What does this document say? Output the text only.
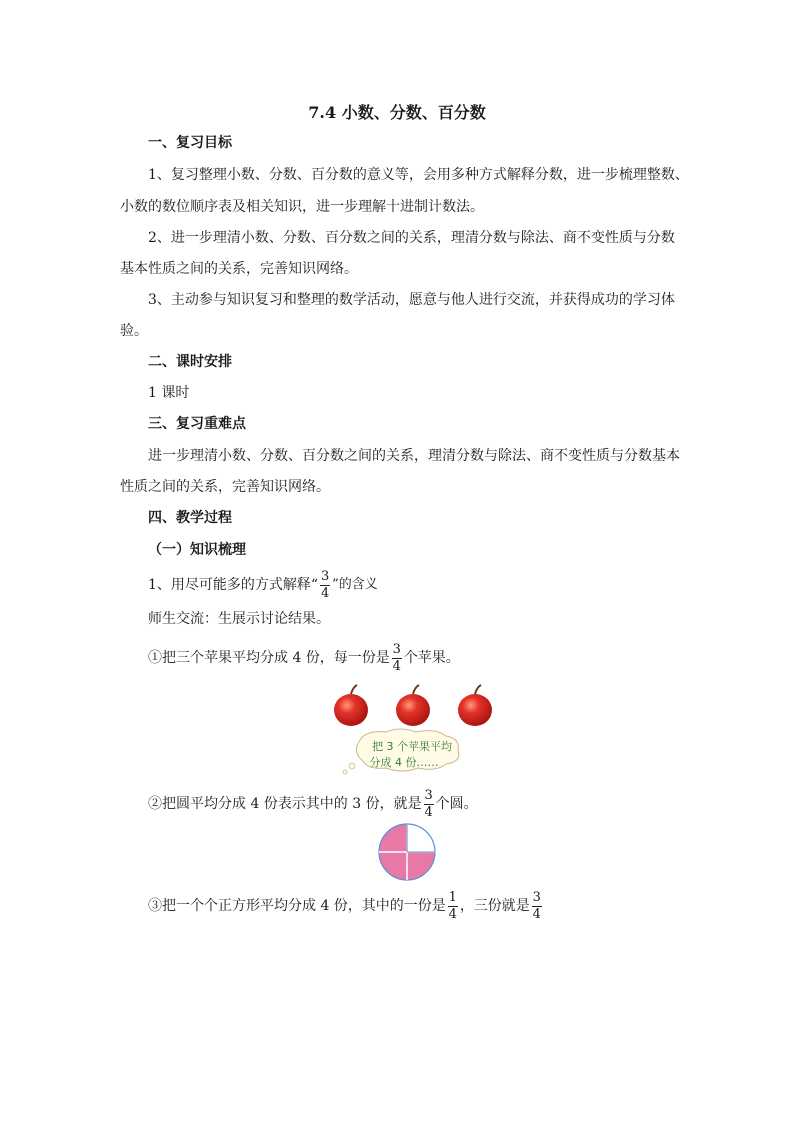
7.4 小数、分数、百分数
一、复习目标
1、复习整理小数、分数、百分数的意义等，会用多种方式解释分数，进一步梳理整数、
小数的数位顺序表及相关知识，进一步理解十进制计数法。
2、进一步理清小数、分数、百分数之间的关系，理清分数与除法、商不变性质与分数
基本性质之间的关系，完善知识网络。
3、主动参与知识复习和整理的数学活动，愿意与他人进行交流，并获得成功的学习体
验。
二、课时安排
1 课时
三、复习重难点
进一步理清小数、分数、百分数之间的关系，理清分数与除法、商不变性质与分数基本
性质之间的关系，完善知识网络。
四、教学过程
（一）知识梳理
1、用尽可能多的方式解释“ $\frac{3}{4}$ ”的含义
师生交流：生展示讨论结果。
①把三个苹果平均分成 4 份，每一份是 $\frac{3}{4}$ 个苹果。
把 3 个苹果平均
分成 4 份……
②把圆平均分成 4 份表示其中的 3 份，就是 $\frac{3}{4}$ 个圆。
③把一个个正方形平均分成 4 份，其中的一份是 $\frac{1}{4}$ ，三份就是 $\frac{3}{4}$
